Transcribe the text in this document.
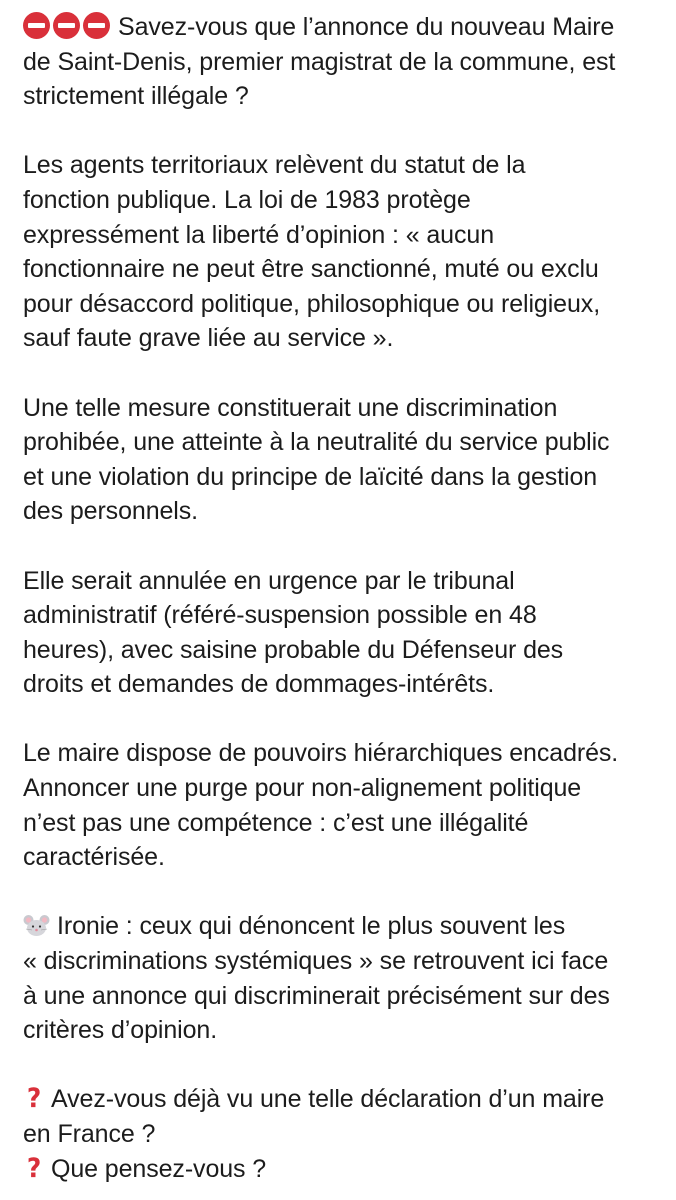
Savez-vous que l’annonce du nouveau Maire
de Saint-Denis, premier magistrat de la commune, est
strictement illégale ?
Les agents territoriaux relèvent du statut de la
fonction publique. La loi de 1983 protège
expressément la liberté d’opinion : « aucun
fonctionnaire ne peut être sanctionné, muté ou exclu
pour désaccord politique, philosophique ou religieux,
sauf faute grave liée au service ».
Une telle mesure constituerait une discrimination
prohibée, une atteinte à la neutralité du service public
et une violation du principe de laïcité dans la gestion
des personnels.
Elle serait annulée en urgence par le tribunal
administratif (référé-suspension possible en 48
heures), avec saisine probable du Défenseur des
droits et demandes de dommages-intérêts.
Le maire dispose de pouvoirs hiérarchiques encadrés.
Annoncer une purge pour non-alignement politique
n’est pas une compétence : c’est une illégalité
caractérisée.
Ironie : ceux qui dénoncent le plus souvent les
« discriminations systémiques » se retrouvent ici face
à une annonce qui discriminerait précisément sur des
critères d’opinion.
? Avez-vous déjà vu une telle déclaration d’un maire
en France ?
? Que pensez-vous ?
